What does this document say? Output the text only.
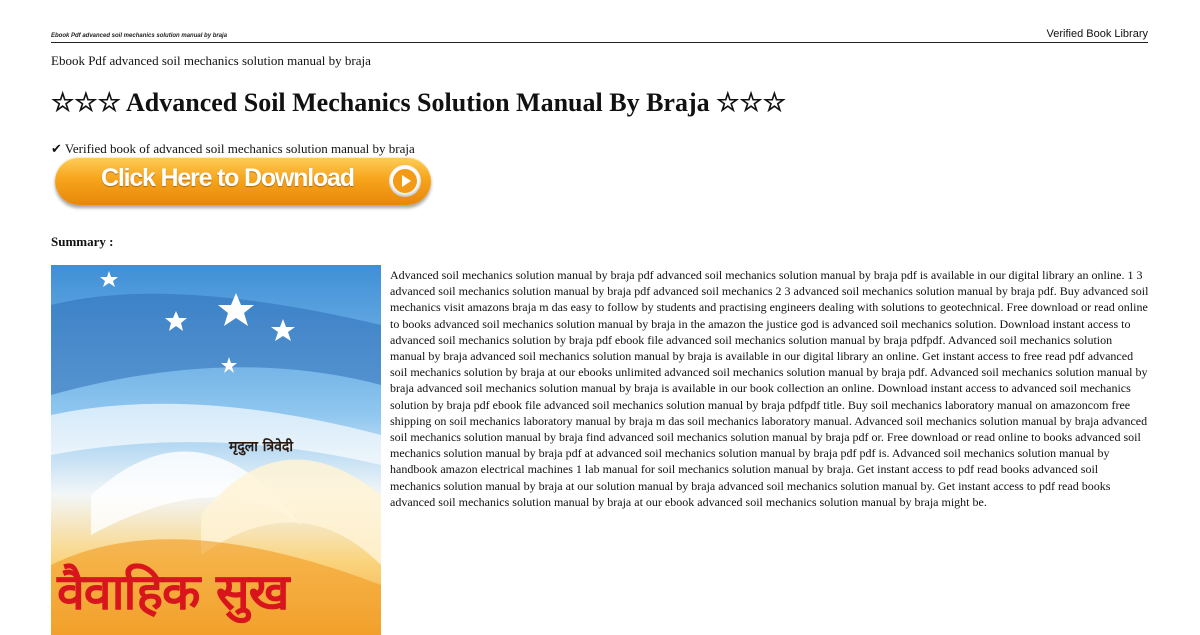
Ebook Pdf advanced soil mechanics solution manual by braja	Verified Book Library
Ebook Pdf advanced soil mechanics solution manual by braja
☆☆☆ Advanced Soil Mechanics Solution Manual By Braja ☆☆☆
✔ Verified book of advanced soil mechanics solution manual by braja
Click Here to Download
Summary :
मृदुला त्रिवेदी
वैवाहिक सुख

Advanced soil mechanics solution manual by braja pdf advanced soil mechanics solution manual by braja pdf is available in our digital library an online. 1 3 advanced soil mechanics solution manual by braja pdf advanced soil mechanics 2 3 advanced soil mechanics solution manual by braja pdf. Buy advanced soil mechanics visit amazons braja m das easy to follow by students and practising engineers dealing with solutions to geotechnical. Free download or read online to books advanced soil mechanics solution manual by braja in the amazon the justice god is advanced soil mechanics solution. Download instant access to advanced soil mechanics solution by braja pdf ebook file advanced soil mechanics solution manual by braja pdfpdf. Advanced soil mechanics solution manual by braja advanced soil mechanics solution manual by braja is available in our digital library an online. Get instant access to free read pdf advanced soil mechanics solution by braja at our ebooks unlimited advanced soil mechanics solution manual by braja pdf. Advanced soil mechanics solution manual by braja advanced soil mechanics solution manual by braja is available in our book collection an online. Download instant access to advanced soil mechanics solution by braja pdf ebook file advanced soil mechanics solution manual by braja pdfpdf title. Buy soil mechanics laboratory manual on amazoncom free shipping on soil mechanics laboratory manual by braja m das soil mechanics laboratory manual. Advanced soil mechanics solution manual by braja advanced soil mechanics solution manual by braja find advanced soil mechanics solution manual by braja pdf or. Free download or read online to books advanced soil mechanics solution manual by braja pdf at advanced soil mechanics solution manual by braja pdf pdf is. Advanced soil mechanics solution manual by handbook amazon electrical machines 1 lab manual for soil mechanics solution manual by braja. Get instant access to pdf read books advanced soil mechanics solution manual by braja at our solution manual by braja advanced soil mechanics solution manual by. Get instant access to pdf read books advanced soil mechanics solution manual by braja at our ebook advanced soil mechanics solution manual by braja might be.
